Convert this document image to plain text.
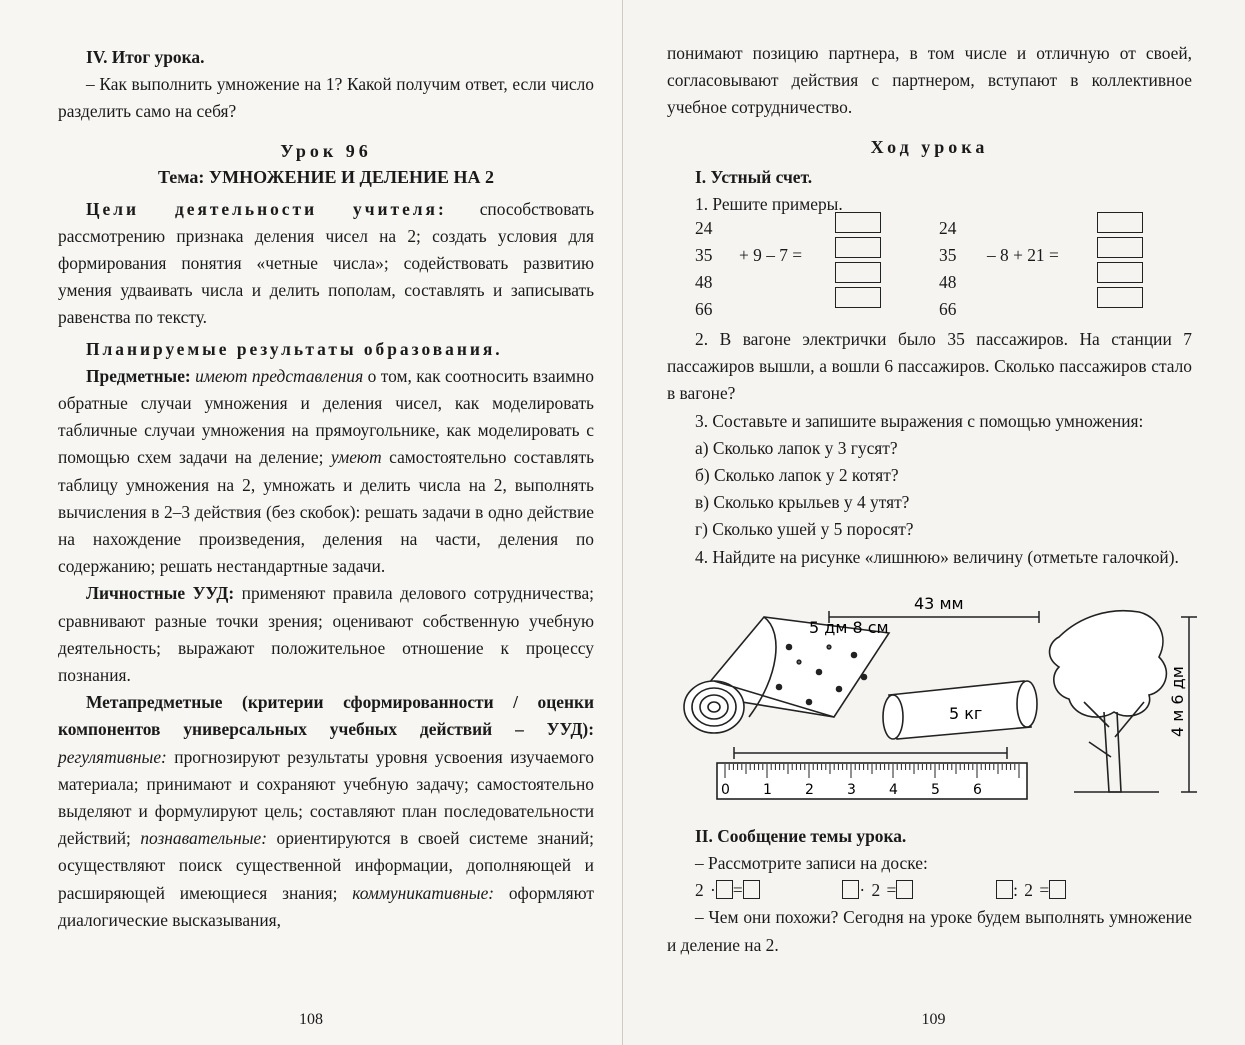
IV. Итог урока.

– Как выполнить умножение на 1? Какой получим ответ, если число разделить само на себя?

Урок 96
Тема: УМНОЖЕНИЕ И ДЕЛЕНИЕ НА 2

Цели деятельности учителя: способствовать рассмотрению признака деления чисел на 2; создать условия для формирования понятия «четные числа»; содействовать развитию умения удваивать числа и делить пополам, составлять и записывать равенства по тексту.

Планируемые результаты образования.

Предметные: имеют представления о том, как соотносить взаимно обратные случаи умножения и деления чисел, как моделировать табличные случаи умножения на прямоугольнике, как моделировать с помощью схем задачи на деление; умеют самостоятельно составлять таблицу умножения на 2, умножать и делить числа на 2, выполнять вычисления в 2–3 действия (без скобок): решать задачи в одно действие на нахождение произведения, деления на части, деления по содержанию; решать нестандартные задачи.

Личностные УУД: применяют правила делового сотрудничества; сравнивают разные точки зрения; оценивают собственную учебную деятельность; выражают положительное отношение к процессу познания.

Метапредметные (критерии сформированности / оценки компонентов универсальных учебных действий – УУД): регулятивные: прогнозируют результаты уровня усвоения изучаемого материала; принимают и сохраняют учебную задачу; самостоятельно выделяют и формулируют цель; составляют план последовательности действий; познавательные: ориентируются в своей системе знаний; осуществляют поиск существенной информации, дополняющей и расширяющей имеющиеся знания; коммуникативные: оформляют диалогические высказывания,

108

понимают позицию партнера, в том числе и отличную от своей, согласовывают действия с партнером, вступают в коллективное учебное сотрудничество.

Ход урока

I. Устный счет.

1. Решите примеры.

24
35
48
66
+ 9 – 7 =
24
35
48
66
– 8 + 21 =

2. В вагоне электрички было 35 пассажиров. На станции 7 пассажиров вышли, а вошли 6 пассажиров. Сколько пассажиров стало в вагоне?

3. Составьте и запишите выражения с помощью умножения:

а) Сколько лапок у 3 гусят?

б) Сколько лапок у 2 котят?

в) Сколько крыльев у 4 утят?

г) Сколько ушей у 5 поросят?

4. Найдите на рисунке «лишнюю» величину (отметьте галочкой).

43 мм
5 дм 8 см
5 кг	4 м 6 дм
0 1 2 3 4 5 6

II. Сообщение темы урока.

– Рассмотрите записи на доске:

2 · =	· 2 =	: 2 =

– Чем они похожи? Сегодня на уроке будем выполнять умножение и деление на 2.

109
